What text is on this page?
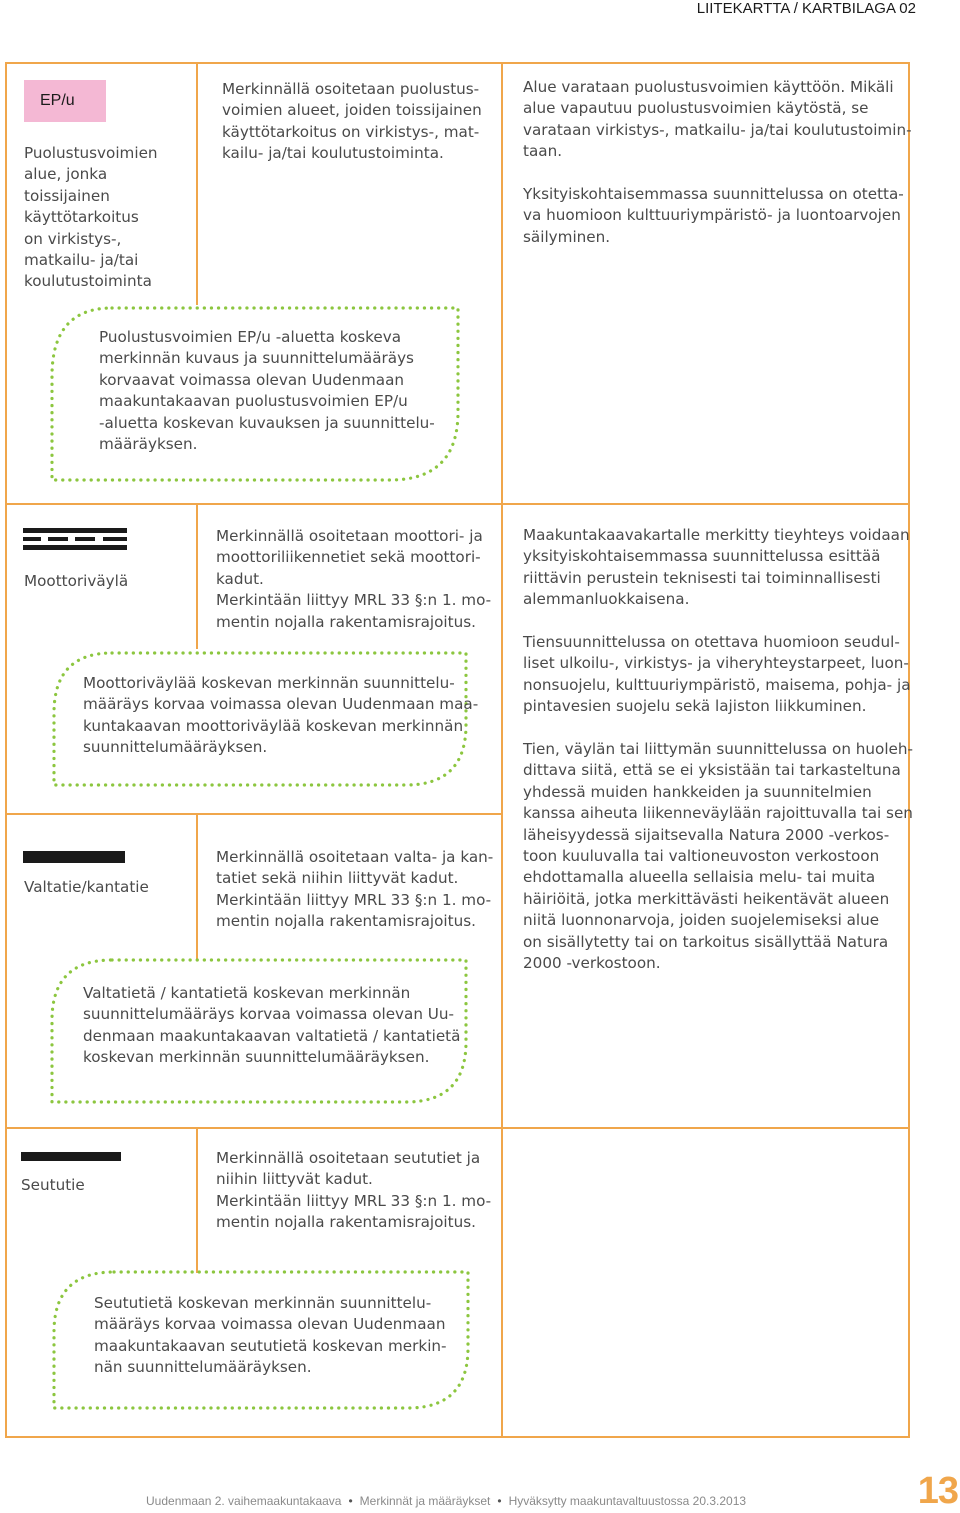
LIITEKARTTA / KARTBILAGA 02
EP/u
Puolustusvoimien
alue, jonka
toissijainen
käyttötarkoitus
on virkistys-,
matkailu- ja/tai
koulutustoiminta
Merkinnällä osoitetaan puolustus-
voimien alueet, joiden toissijainen
käyttötarkoitus on virkistys-, mat-
kailu- ja/tai koulutustoiminta.
Alue varataan puolustusvoimien käyttöön. Mikäli
alue vapautuu puolustusvoimien käytöstä, se
varataan virkistys-, matkailu- ja/tai koulutustoimin-
taan.
Yksityiskohtaisemmassa suunnittelussa on otetta-
va huomioon kulttuuriympäristö- ja luontoarvojen
säilyminen.
Puolustusvoimien EP/u -aluetta koskeva
merkinnän kuvaus ja suunnittelumääräys
korvaavat voimassa olevan Uudenmaan
maakuntakaavan puolustusvoimien EP/u
-aluetta koskevan kuvauksen ja suunnittelu-
määräyksen.
Moottoriväylä
Merkinnällä osoitetaan moottori- ja
moottoriliikennetiet sekä moottori-
kadut.
Merkintään liittyy MRL 33 §:n 1. mo-
mentin nojalla rakentamisrajoitus.
Moottoriväylää koskevan merkinnän suunnittelu-
määräys korvaa voimassa olevan Uudenmaan maa-
kuntakaavan moottoriväylää koskevan merkinnän
suunnittelumääräyksen.
Maakuntakaavakartalle merkitty tieyhteys voidaan
yksityiskohtaisemmassa suunnittelussa esittää
riittävin perustein teknisesti tai toiminnallisesti
alemmanluokkaisena.
Tiensuunnittelussa on otettava huomioon seudul-
liset ulkoilu-, virkistys- ja viheryhteystarpeet, luon-
nonsuojelu, kulttuuriympäristö, maisema, pohja- ja
pintavesien suojelu sekä lajiston liikkuminen.
Tien, väylän tai liittymän suunnittelussa on huoleh-
dittava siitä, että se ei yksistään tai tarkasteltuna
yhdessä muiden hankkeiden ja suunnitelmien
kanssa aiheuta liikenneväylään rajoittuvalla tai sen
läheisyydessä sijaitsevalla Natura 2000 -verkos-
toon kuuluvalla tai valtioneuvoston verkostoon
ehdottamalla alueella sellaisia melu- tai muita
häiriöitä, jotka merkittävästi heikentävät alueen
niitä luonnonarvoja, joiden suojelemiseksi alue
on sisällytetty tai on tarkoitus sisällyttää Natura
2000 -verkostoon.
Valtatie/kantatie
Merkinnällä osoitetaan valta- ja kan-
tatiet sekä niihin liittyvät kadut.
Merkintään liittyy MRL 33 §:n 1. mo-
mentin nojalla rakentamisrajoitus.
Valtatietä / kantatietä koskevan merkinnän
suunnittelumääräys korvaa voimassa olevan Uu-
denmaan maakuntakaavan valtatietä / kantatietä
koskevan merkinnän suunnittelumääräyksen.
Seututie
Merkinnällä osoitetaan seututiet ja
niihin liittyvät kadut.
Merkintään liittyy MRL 33 §:n 1. mo-
mentin nojalla rakentamisrajoitus.
Seututietä koskevan merkinnän suunnittelu-
määräys korvaa voimassa olevan Uudenmaan
maakuntakaavan seututietä koskevan merkin-
nän suunnittelumääräyksen.
Uudenmaan 2. vaihemaakuntakaava • Merkinnät ja määräykset • Hyväksytty maakuntavaltuustossa 20.3.2013	13
